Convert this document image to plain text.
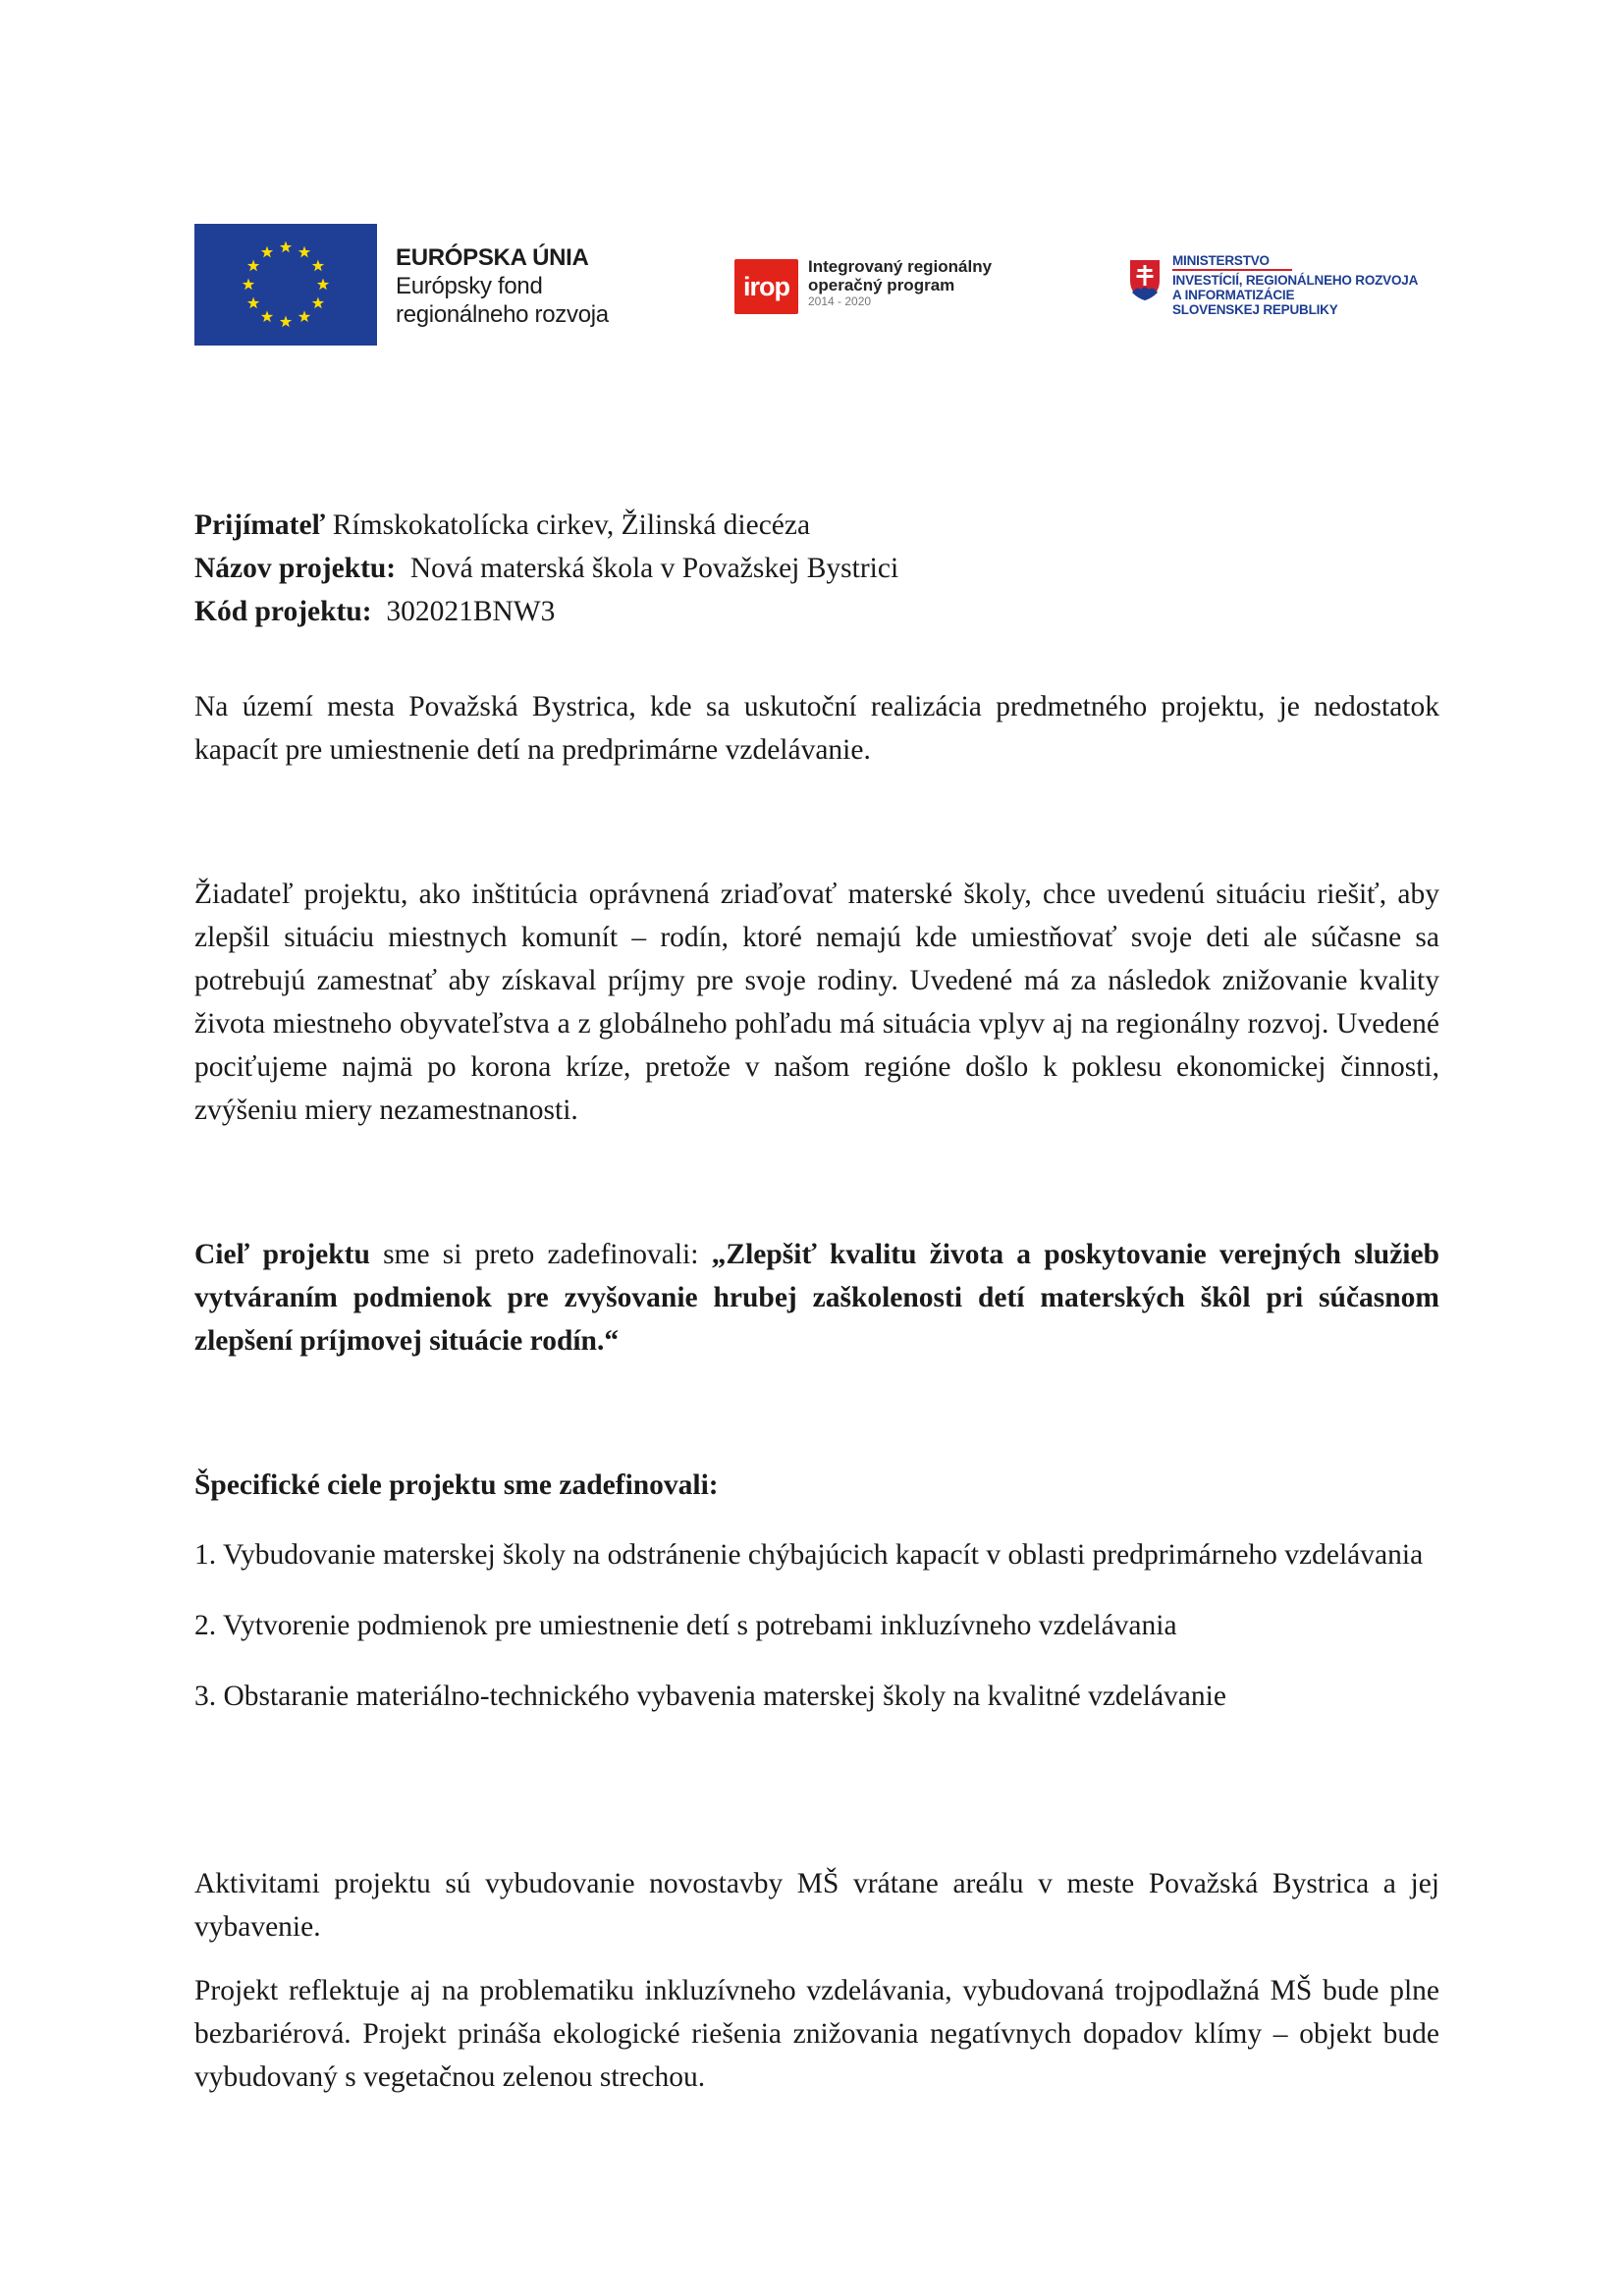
EURÓPSKA ÚNIA
Európsky fond
regionálneho rozvoja
irop
Integrovaný regionálny
operačný program
2014 - 2020
MINISTERSTVO
INVESTÍCIÍ, REGIONÁLNEHO ROZVOJA
A INFORMATIZÁCIE
SLOVENSKEJ REPUBLIKY

Prijímateľ Rímskokatolícka cirkev, Žilinská diecéza

Názov projektu:  Nová materská škola v Považskej Bystrici

Kód projektu:  302021BNW3

Na území mesta Považská Bystrica, kde sa uskutoční realizácia predmetného projektu, je nedostatok kapacít pre umiestnenie detí na predprimárne vzdelávanie.

Žiadateľ projektu, ako inštitúcia oprávnená zriaďovať materské školy, chce uvedenú situáciu riešiť, aby zlepšil situáciu miestnych komunít – rodín, ktoré nemajú kde umiestňovať svoje deti ale súčasne sa potrebujú zamestnať aby získaval príjmy pre svoje rodiny. Uvedené má za následok znižovanie kvality života miestneho obyvateľstva a z globálneho pohľadu má situácia vplyv aj na regionálny rozvoj. Uvedené pociťujeme najmä po korona kríze, pretože v našom regióne došlo k poklesu ekonomickej činnosti, zvýšeniu miery nezamestnanosti.

Cieľ projektu sme si preto zadefinovali: „Zlepšiť kvalitu života a poskytovanie verejných služieb vytváraním podmienok pre zvyšovanie hrubej zaškolenosti detí materských škôl pri súčasnom zlepšení príjmovej situácie rodín.“

Špecifické ciele projektu sme zadefinovali:

1. Vybudovanie materskej školy na odstránenie chýbajúcich kapacít v oblasti predprimárneho vzdelávania

2. Vytvorenie podmienok pre umiestnenie detí s potrebami inkluzívneho vzdelávania

3. Obstaranie materiálno-technického vybavenia materskej školy na kvalitné vzdelávanie

Aktivitami projektu sú vybudovanie novostavby MŠ vrátane areálu v meste Považská Bystrica a jej vybavenie.

Projekt reflektuje aj na problematiku inkluzívneho vzdelávania, vybudovaná trojpodlažná MŠ bude plne bezbariérová. Projekt prináša ekologické riešenia znižovania negatívnych dopadov klímy – objekt bude vybudovaný s vegetačnou zelenou strechou.
